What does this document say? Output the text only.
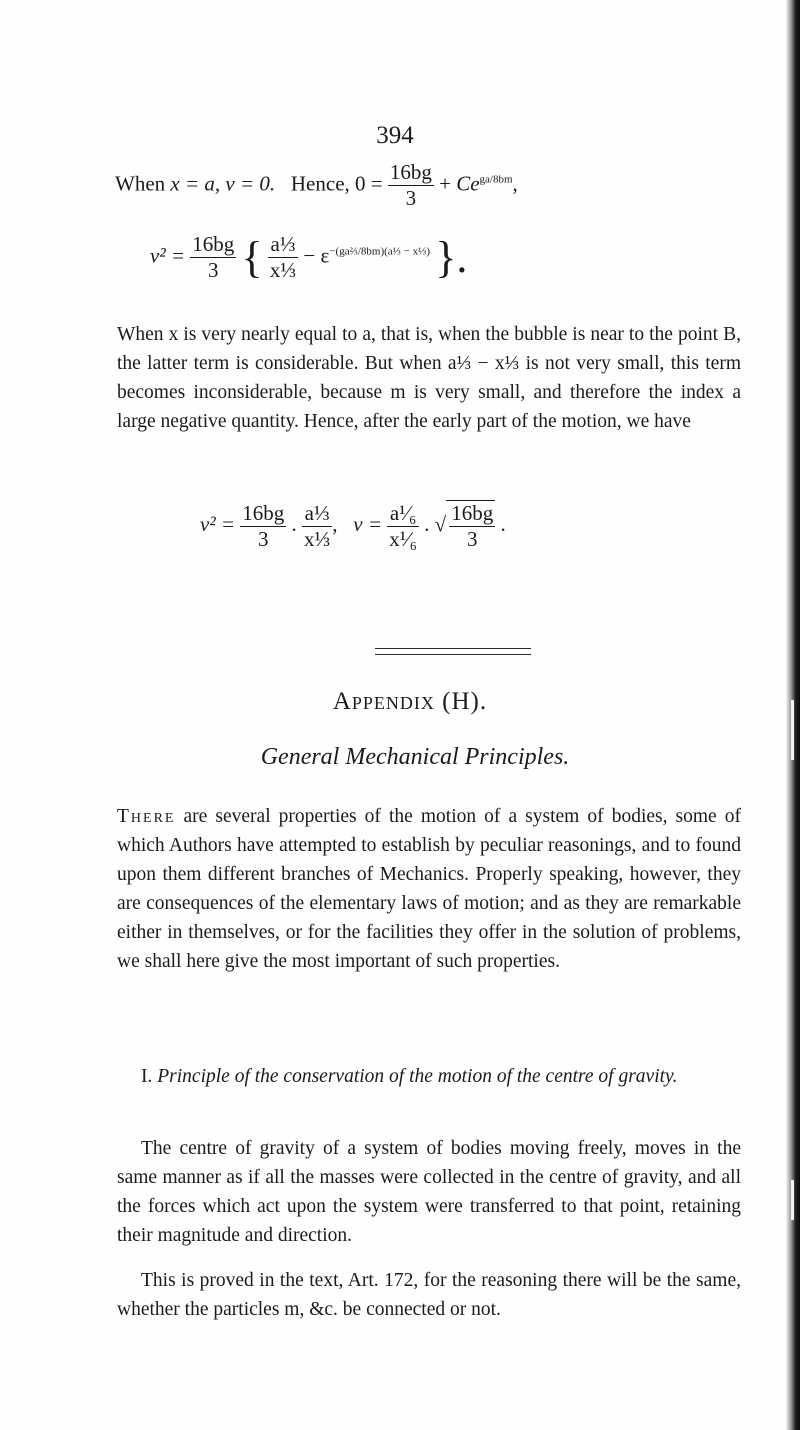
394
When x = a, v = 0. Hence, $0 = \frac{16bg}{3} + Ce^{ga/8bm}$,
$v^2 = \frac{16bg}{3}$ { $\frac{\text{a⅓}}{\text{x⅓}} - \varepsilon^{-(ga\frac{2}{3}/8bm)(a\frac{1}{3} - x\frac{1}{3})}$ }.
When x is very nearly equal to a, that is, when the bubble is near to the point B, the latter term is considerable. But when a⅓ − x⅓ is not very small, this term becomes inconsiderable, because m is very small, and therefore the index a large negative quantity. Hence, after the early part of the motion, we have
$v^2 = \frac{16bg}{3}$ . $\frac{\text{a⅓}}{\text{x⅓}}$ , $v = \frac{\text{a¹⁄₆}}{\text{x¹⁄₆}}$ . √ $\frac{16bg}{3}$ .
Appendix (H).
General Mechanical Principles.
There are several properties of the motion of a system of bodies, some of which Authors have attempted to establish by peculiar reasonings, and to found upon them different branches of Mechanics. Properly speaking, however, they are consequences of the elementary laws of motion; and as they are remarkable either in themselves, or for the facilities they offer in the solution of problems, we shall here give the most important of such properties.
I. Principle of the conservation of the motion of the centre of gravity.
The centre of gravity of a system of bodies moving freely, moves in the same manner as if all the masses were collected in the centre of gravity, and all the forces which act upon the system were transferred to that point, retaining their magnitude and direction.
This is proved in the text, Art. 172, for the reasoning there will be the same, whether the particles m, &c. be connected or not.
